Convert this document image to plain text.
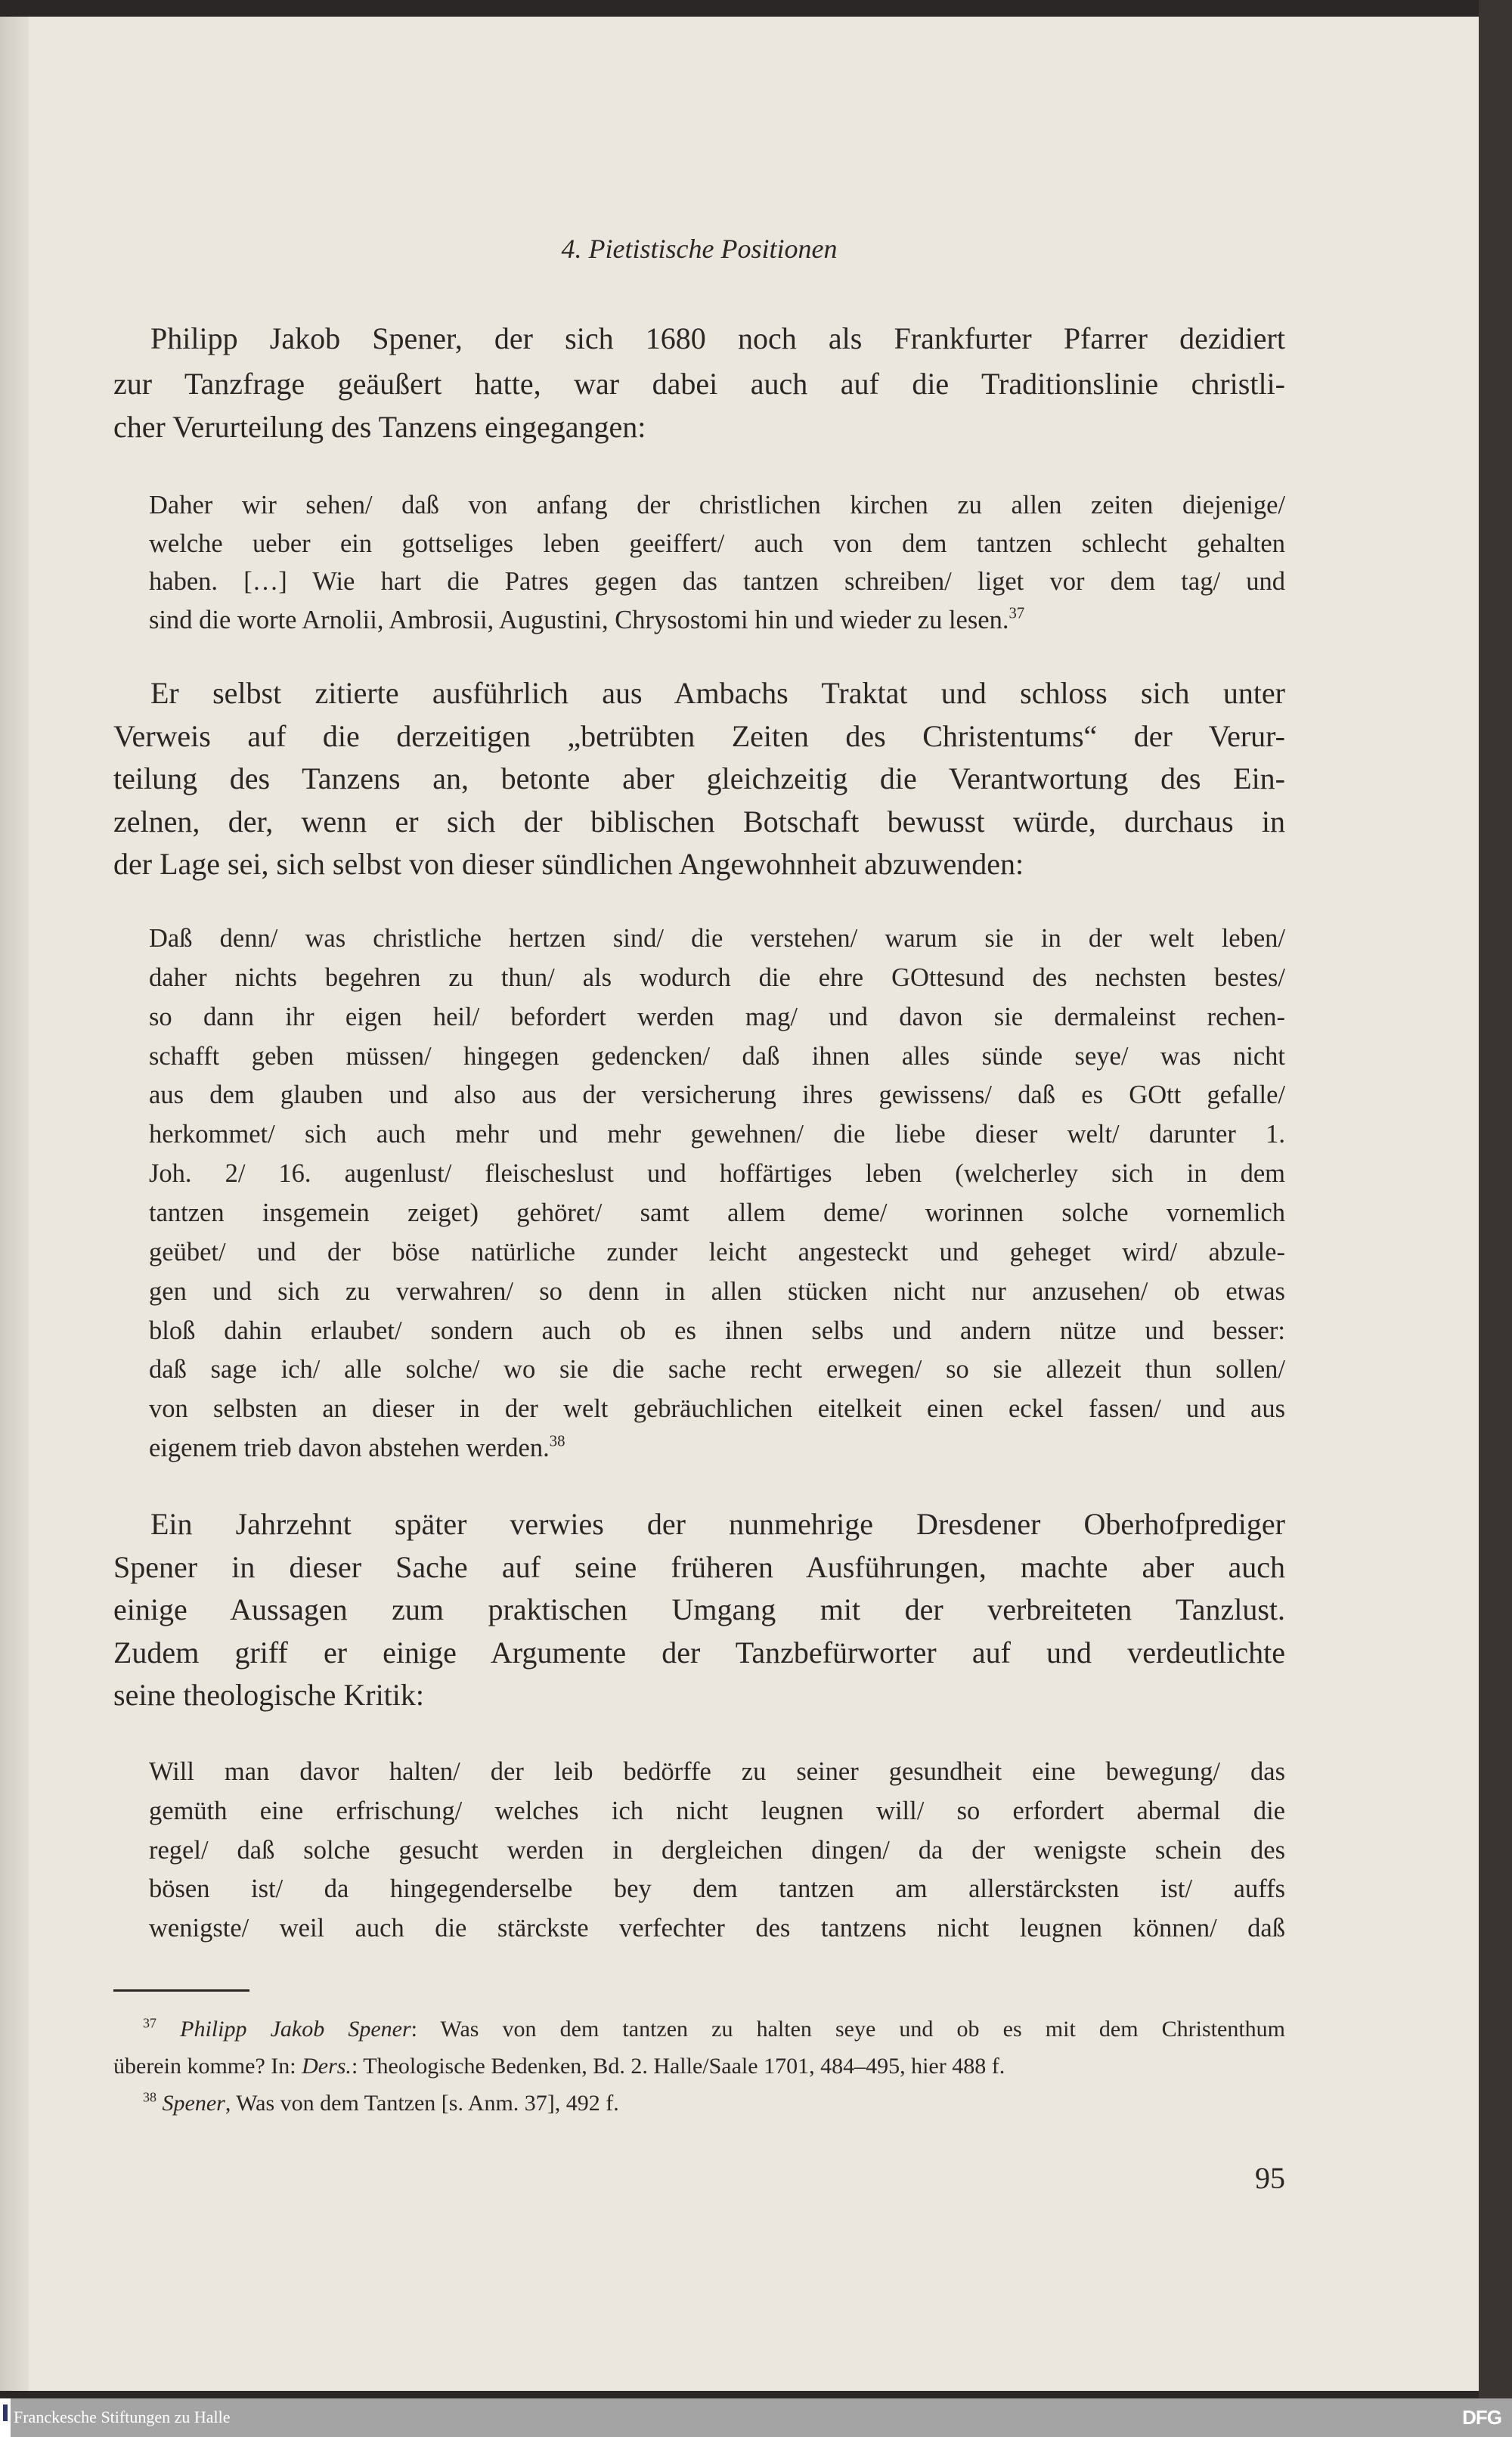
4. Pietistische Positionen
Philipp Jakob Spener, der sich 1680 noch als Frankfurter Pfarrer dezidiert
zur Tanzfrage geäußert hatte, war dabei auch auf die Traditionslinie christli-
cher Verurteilung des Tanzens eingegangen:
Daher wir sehen/ daß von anfang der christlichen kirchen zu allen zeiten diejenige/
welche ueber ein gottseliges leben geeiffert/ auch von dem tantzen schlecht gehalten
haben. […] Wie hart die Patres gegen das tantzen schreiben/ liget vor dem tag/ und
sind die worte Arnolii, Ambrosii, Augustini, Chrysostomi hin und wieder zu lesen.$^{37}$
Er selbst zitierte ausführlich aus Ambachs Traktat und schloss sich unter
Verweis auf die derzeitigen „betrübten Zeiten des Christentums“ der Verur-
teilung des Tanzens an, betonte aber gleichzeitig die Verantwortung des Ein-
zelnen, der, wenn er sich der biblischen Botschaft bewusst würde, durchaus in
der Lage sei, sich selbst von dieser sündlichen Angewohnheit abzuwenden:
Daß denn/ was christliche hertzen sind/ die verstehen/ warum sie in der welt leben/
daher nichts begehren zu thun/ als wodurch die ehre GOttesund des nechsten bestes/
so dann ihr eigen heil/ befordert werden mag/ und davon sie dermaleinst rechen-
schafft geben müssen/ hingegen gedencken/ daß ihnen alles sünde seye/ was nicht
aus dem glauben und also aus der versicherung ihres gewissens/ daß es GOtt gefalle/
herkommet/ sich auch mehr und mehr gewehnen/ die liebe dieser welt/ darunter 1.
Joh. 2/ 16. augenlust/ fleischeslust und hoffärtiges leben (welcherley sich in dem
tantzen insgemein zeiget) gehöret/ samt allem deme/ worinnen solche vornemlich
geübet/ und der böse natürliche zunder leicht angesteckt und geheget wird/ abzule-
gen und sich zu verwahren/ so denn in allen stücken nicht nur anzusehen/ ob etwas
bloß dahin erlaubet/ sondern auch ob es ihnen selbs und andern nütze und besser:
daß sage ich/ alle solche/ wo sie die sache recht erwegen/ so sie allezeit thun sollen/
von selbsten an dieser in der welt gebräuchlichen eitelkeit einen eckel fassen/ und aus
eigenem trieb davon abstehen werden.$^{38}$
Ein Jahrzehnt später verwies der nunmehrige Dresdener Oberhofprediger
Spener in dieser Sache auf seine früheren Ausführungen, machte aber auch
einige Aussagen zum praktischen Umgang mit der verbreiteten Tanzlust.
Zudem griff er einige Argumente der Tanzbefürworter auf und verdeutlichte
seine theologische Kritik:
Will man davor halten/ der leib bedörffe zu seiner gesundheit eine bewegung/ das
gemüth eine erfrischung/ welches ich nicht leugnen will/ so erfordert abermal die
regel/ daß solche gesucht werden in dergleichen dingen/ da der wenigste schein des
bösen ist/ da hingegenderselbe bey dem tantzen am allerstärcksten ist/ auffs
wenigste/ weil auch die stärckste verfechter des tantzens nicht leugnen können/ daß
$^{37}$ Philipp Jakob Spener: Was von dem tantzen zu halten seye und ob es mit dem Christenthum
überein komme? In: Ders.: Theologische Bedenken, Bd. 2. Halle/Saale 1701, 484–495, hier 488 f.
$^{38}$ Spener, Was von dem Tantzen [s. Anm. 37], 492 f.
95
Franckesche Stiftungen zu Halle	DFG
